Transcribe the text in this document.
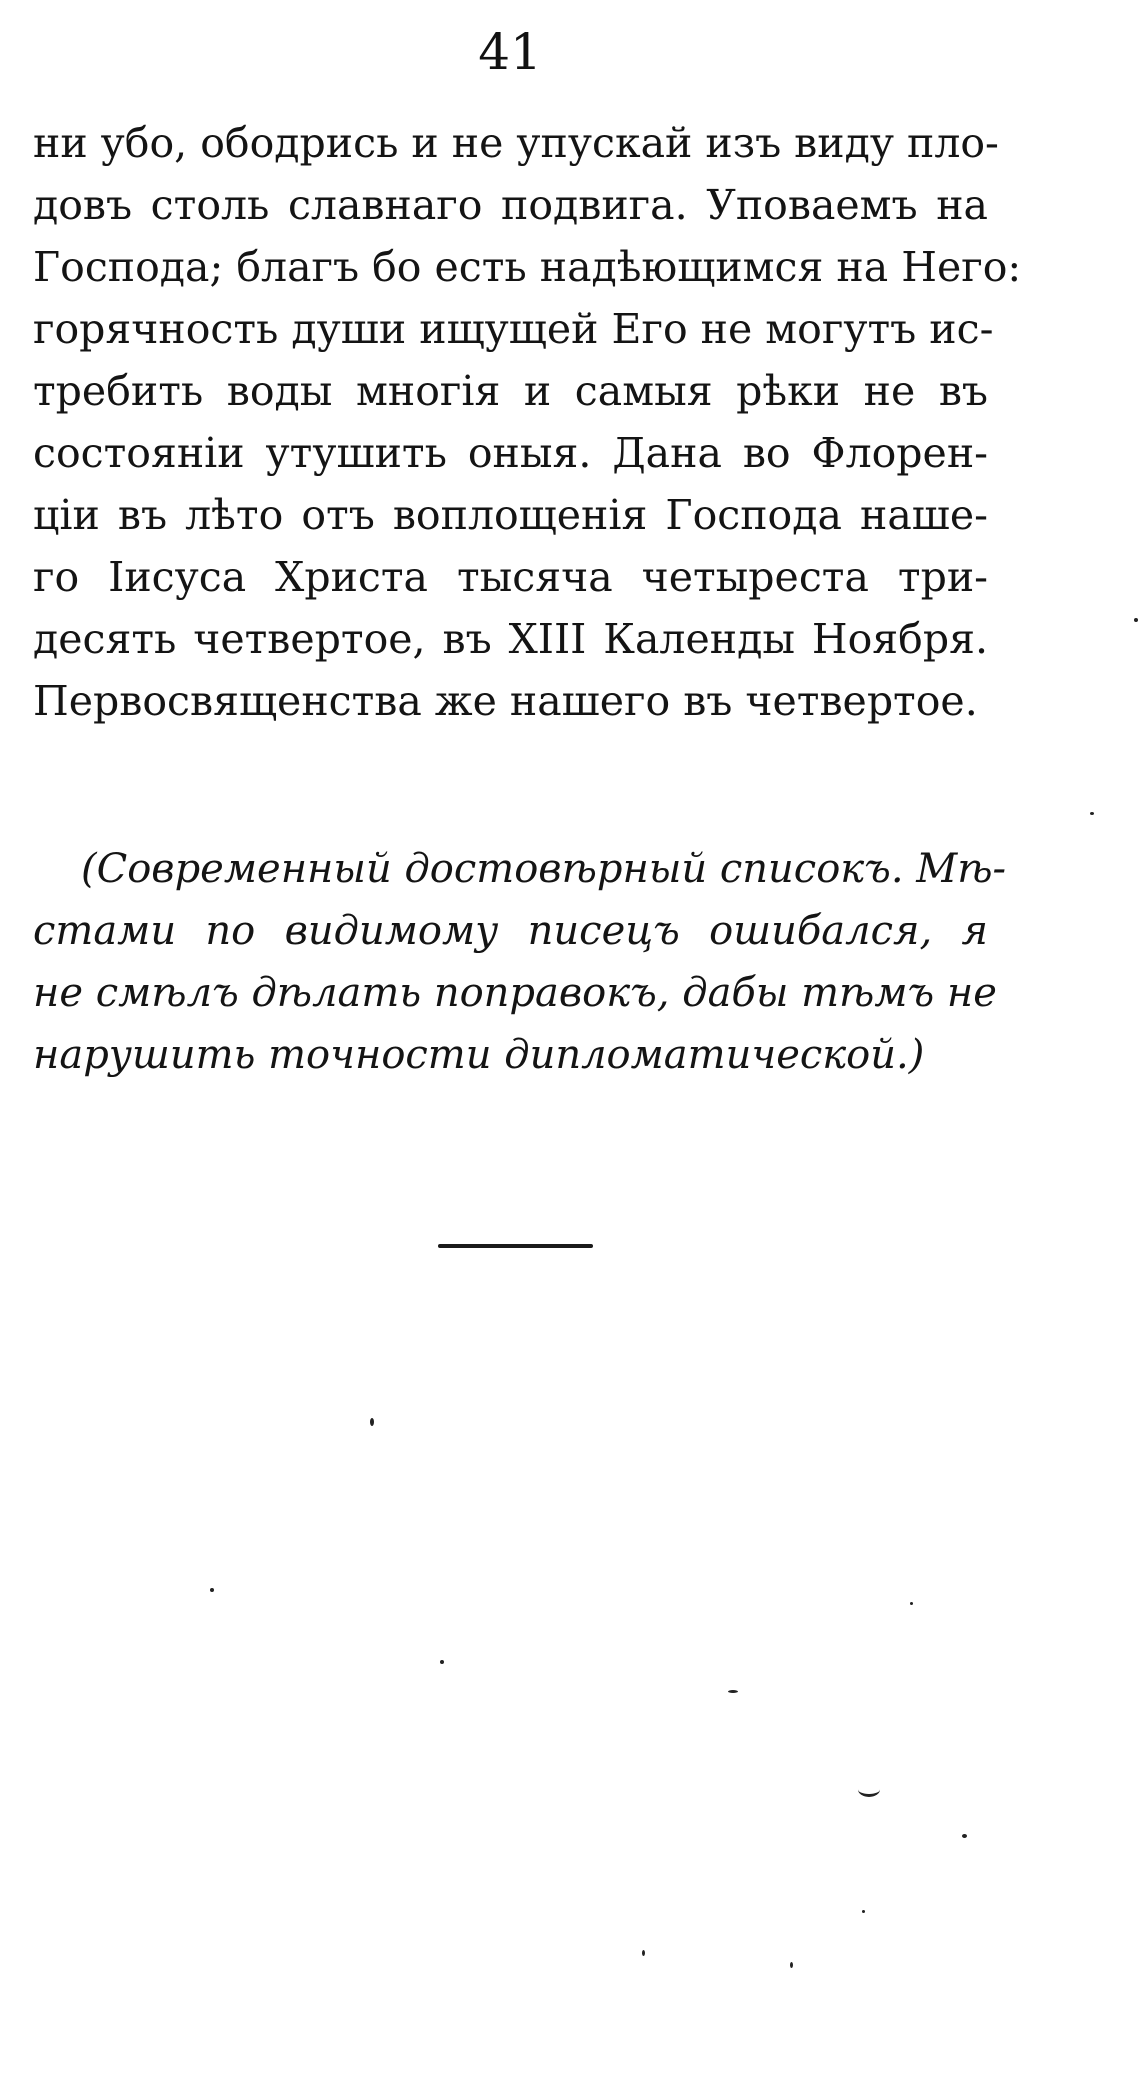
41
ни убо, ободрись и не упускай изъ виду пло-
довъ столь славнаго подвига. Уповаемъ на
Господа; благъ бо есть надѣющимся на Него:
горячность души ищущей Его не могутъ ис-
требить воды многія и самыя рѣки не въ
состояніи утушить оныя. Дана во Флорен-
ціи въ лѣто отъ воплощенія Господа наше-
го Іисуса Христа тысяча четыреста три-
десять четвертое, въ XIII Календы Ноября.
Первосвященства же нашего въ четвертое.
(Современный достовѣрный списокъ. Мѣ-
стами по видимому писецъ ошибался, я
не смѣлъ дѣлать поправокъ, дабы тѣмъ не
нарушить точности дипломатической.)
